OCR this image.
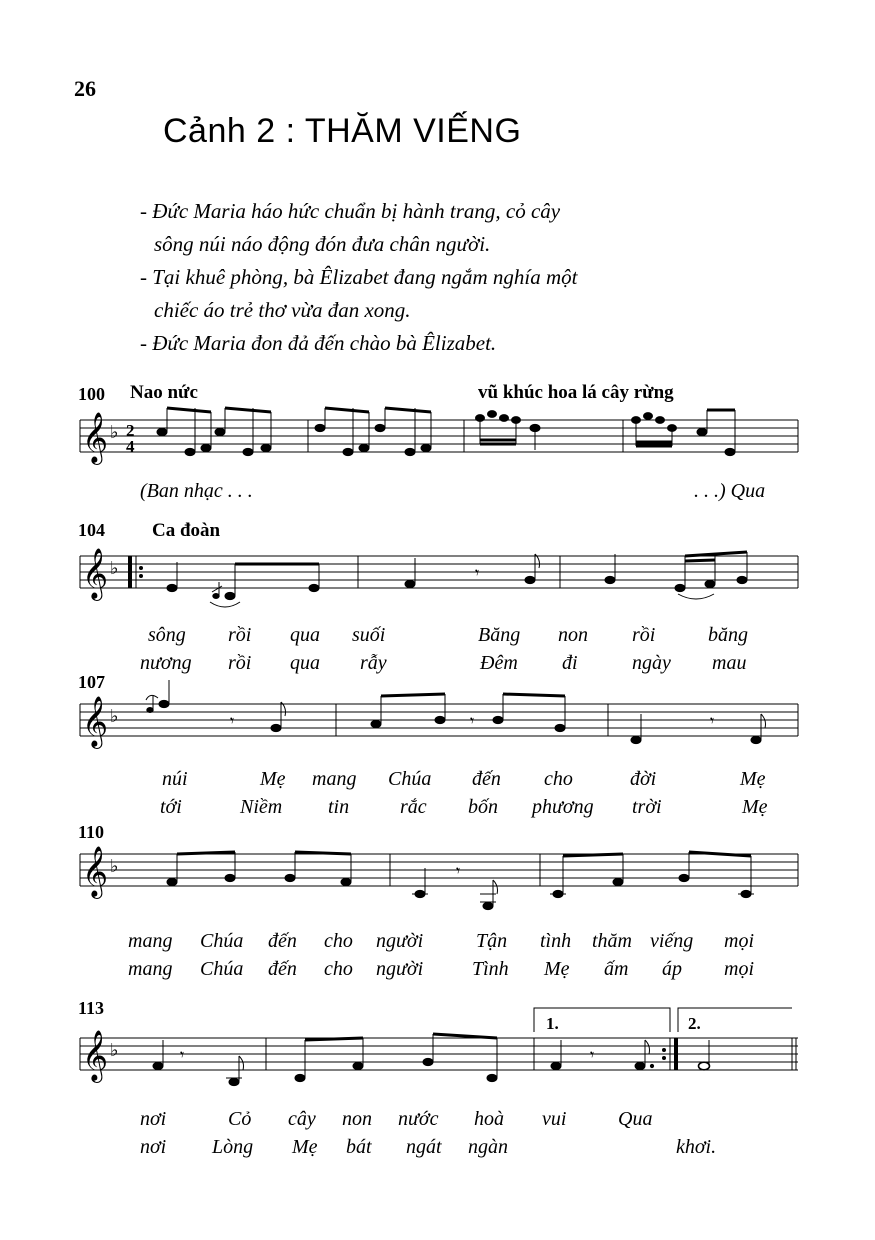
26
Cảnh 2 : THĂM VIẾNG
- Đức Maria háo hức chuẩn bị hành trang, cỏ cây
sông núi náo động đón đưa chân người.
- Tại khuê phòng, bà Êlizabet đang ngắm nghía một
chiếc áo trẻ thơ vừa đan xong.
- Đức Maria đon đả đến chào bà Êlizabet.
100 Nao nức	vũ khúc hoa lá cây rừng
𝄞 ♭ 2
4
(Ban nhạc . . .	. . .) Qua
104 Ca đoàn
𝄞 ♭	𝄾
sông rồi qua suối	Băng non rồi	băng
nương rồi qua rẫy	Đêm đi	ngày mau
107
𝄞 ♭	𝄾	𝄾	𝄾
núi	Mẹ mang Chúa đến cho	đời	Mẹ
tới	Niềm tin	rắc bốn phương trời	Mẹ
110
𝄞 ♭	𝄾
mang Chúa đến cho người	Tận tình thăm viếng mọi
mang Chúa đến cho người Tình Mẹ ấm áp mọi
113
1.	2.
𝄞 ♭	𝄾	𝄾
nơi	Cỏ cây non nước hoà vui	Qua
nơi Lòng Mẹ bát ngát ngàn	khơi.
